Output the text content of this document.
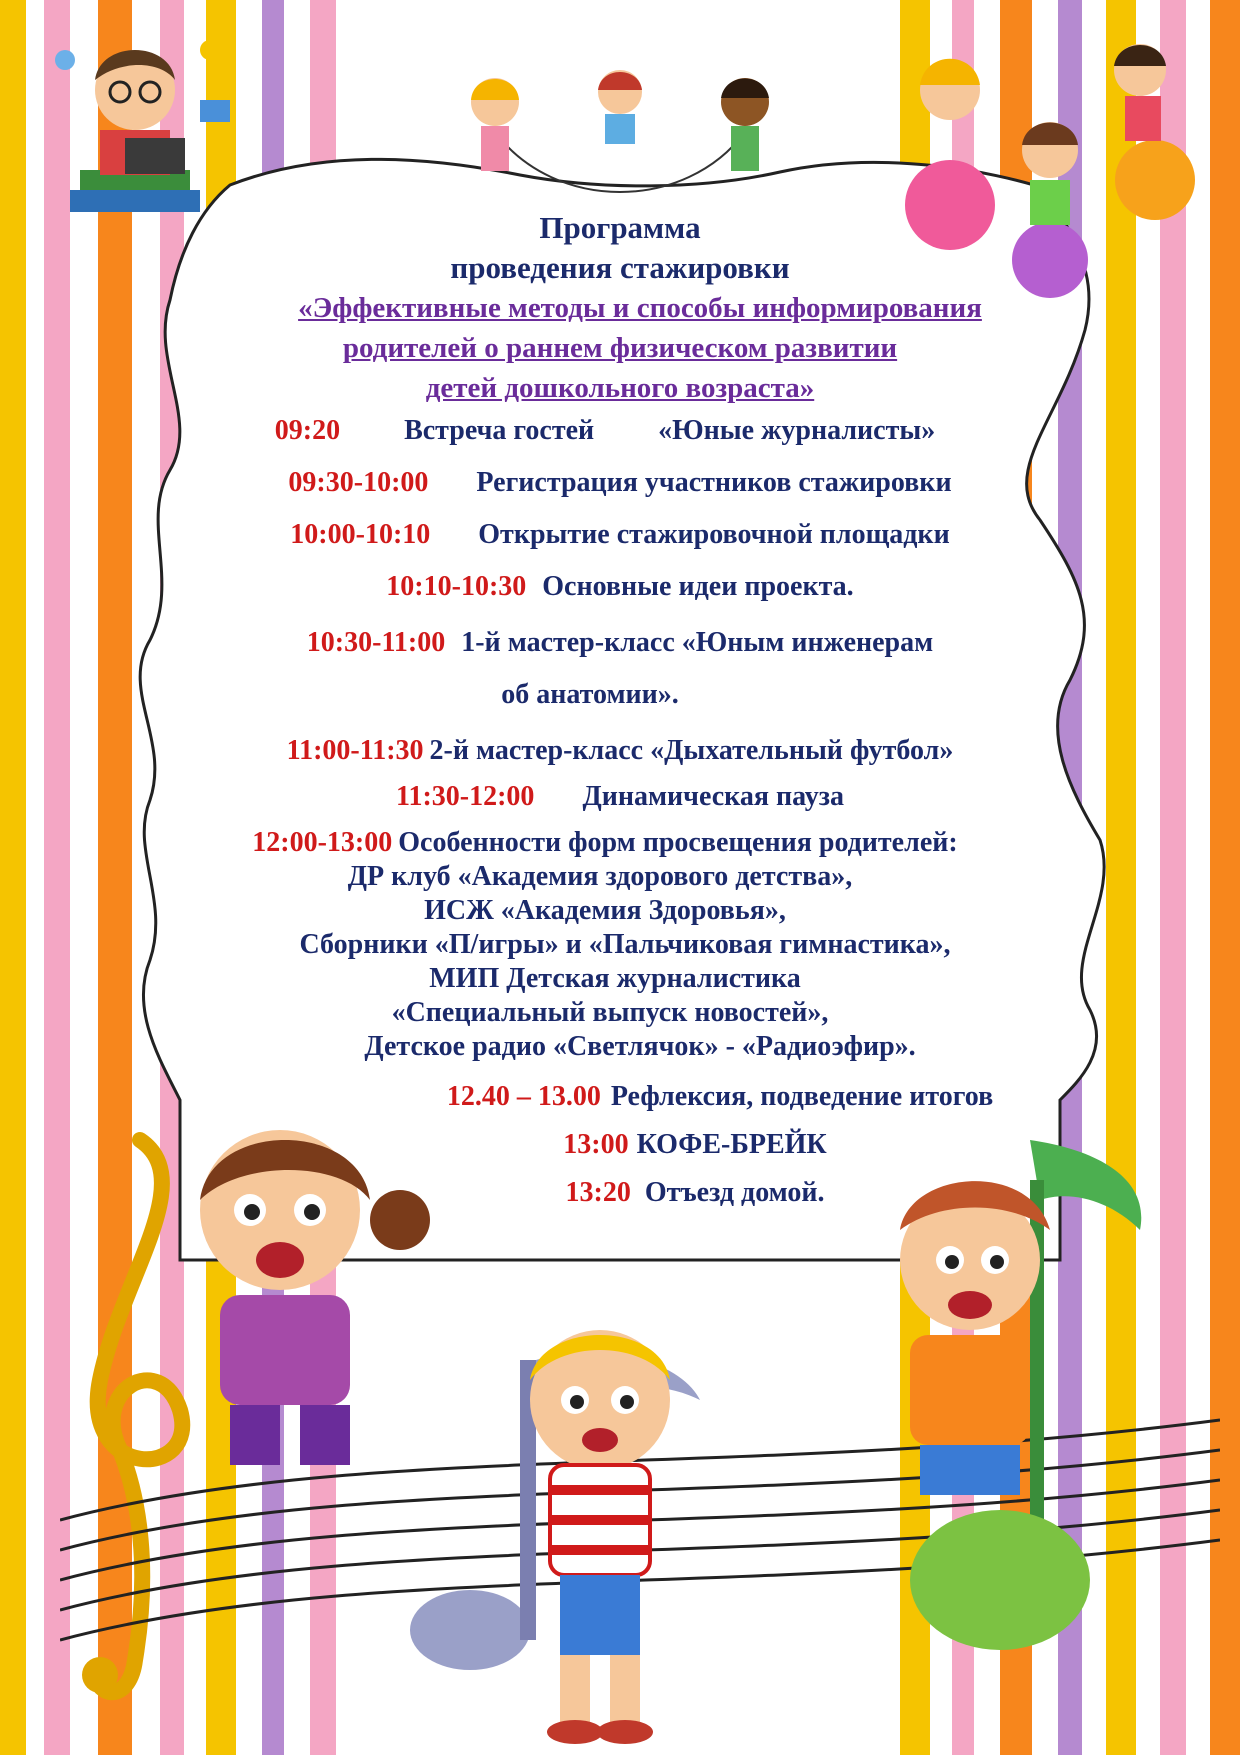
Программа

проведения стажировки

«Эффективные методы и способы информирования

родителей о раннем физическом развитии

детей дошкольного возраста»

09:20 Встреча гостей «Юные журналисты»
09:30-10:00 Регистрация участников стажировки
10:00-10:10 Открытие стажировочной площадки
10:10-10:30 Основные идеи проекта.
10:30-11:00 1-й мастер-класс «Юным инженерам
об анатомии».
11:00-11:30 2-й мастер-класс «Дыхательный футбол»
11:30-12:00 Динамическая пауза
12:00-13:00 Особенности форм просвещения родителей:
ДР клуб «Академия здорового детства»,
ИСЖ «Академия Здоровья»,
Сборники «П/игры» и «Пальчиковая гимнастика»,
МИП Детская журналистика
«Специальный выпуск новостей»,
Детское радио «Светлячок» - «Радиоэфир».
12.40 – 13.00 Рефлексия, подведение итогов
13:00 КОФЕ-БРЕЙК
13:20 Отъезд домой.
